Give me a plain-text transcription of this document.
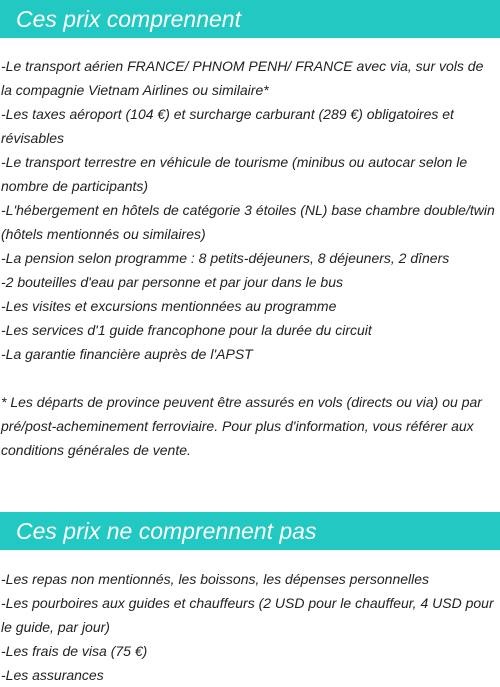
Ces prix comprennent
-Le transport aérien FRANCE/ PHNOM PENH/ FRANCE avec via, sur vols de la compagnie Vietnam Airlines ou similaire*
-Les taxes aéroport (104 €) et surcharge carburant (289 €) obligatoires et révisables
-Le transport terrestre en véhicule de tourisme (minibus ou autocar selon le nombre de participants)
-L'hébergement en hôtels de catégorie 3 étoiles (NL) base chambre double/twin (hôtels mentionnés ou similaires)
-La pension selon programme : 8 petits-déjeuners, 8 déjeuners, 2 dîners
-2 bouteilles d'eau par personne et par jour dans le bus
-Les visites et excursions mentionnées au programme
-Les services d'1 guide francophone pour la durée du circuit
-La garantie financière auprès de l'APST
* Les départs de province peuvent être assurés en vols (directs ou via) ou par pré/post-acheminement ferroviaire. Pour plus d'information, vous référer aux conditions générales de vente.
Ces prix ne comprennent pas
-Les repas non mentionnés, les boissons, les dépenses personnelles
-Les pourboires aux guides et chauffeurs (2 USD pour le chauffeur, 4 USD pour le guide, par jour)
-Les frais de visa (75 €)
-Les assurances
